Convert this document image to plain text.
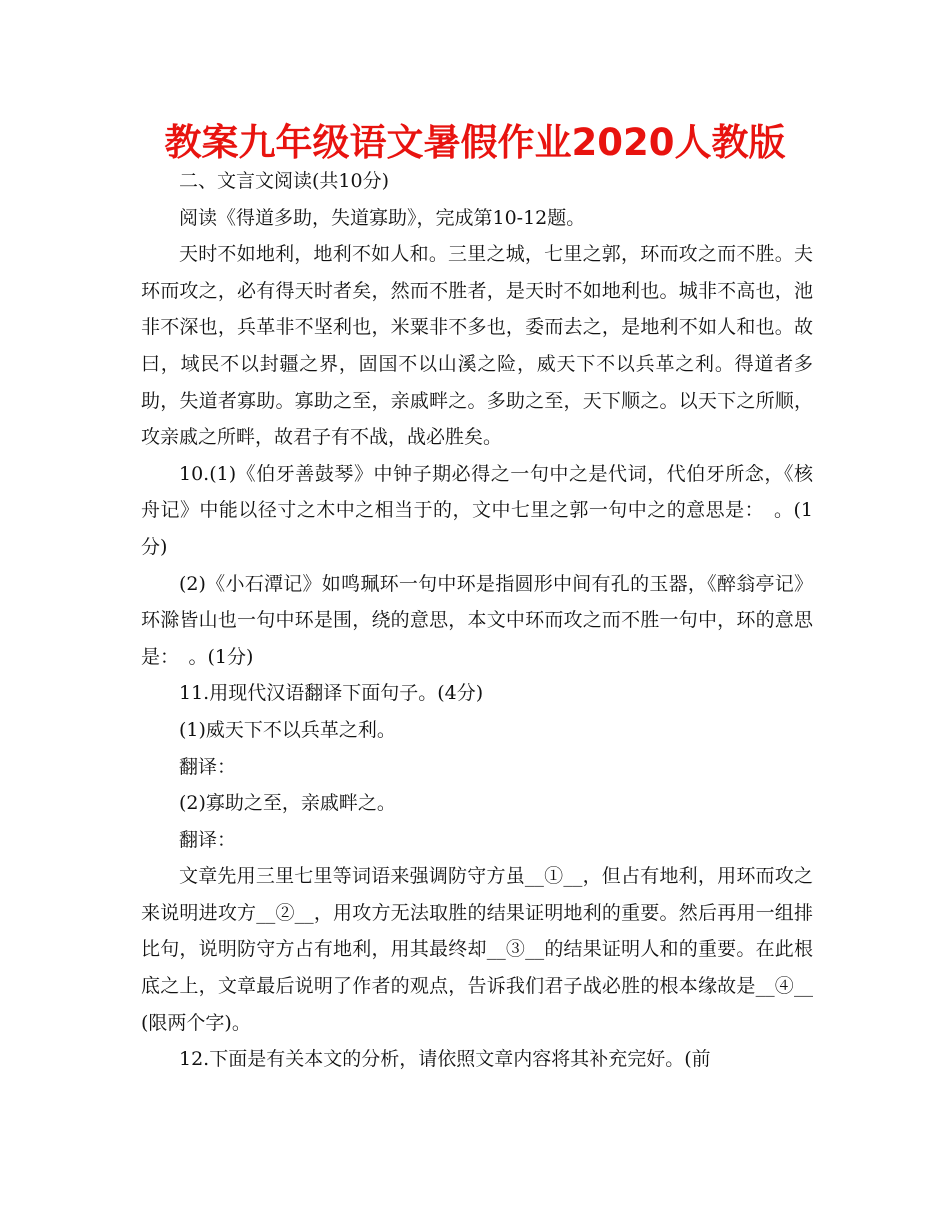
教案九年级语文暑假作业2020人教版

二、文言文阅读(共10分)

阅读《得道多助，失道寡助》，完成第10-12题。

天时不如地利，地利不如人和。三里之城，七里之郭，环而攻之而不胜。夫环而攻之，必有得天时者矣，然而不胜者，是天时不如地利也。城非不高也，池非不深也，兵革非不坚利也，米粟非不多也，委而去之，是地利不如人和也。故曰，域民不以封疆之界，固国不以山溪之险，威天下不以兵革之利。得道者多助，失道者寡助。寡助之至，亲戚畔之。多助之至，天下顺之。以天下之所顺，攻亲戚之所畔，故君子有不战，战必胜矣。

10.(1)《伯牙善鼓琴》中钟子期必得之一句中之是代词，代伯牙所念，《核舟记》中能以径寸之木中之相当于的，文中七里之郭一句中之的意思是：　。(1分)

(2)《小石潭记》如鸣珮环一句中环是指圆形中间有孔的玉器，《醉翁亭记》环滁皆山也一句中环是围，绕的意思，本文中环而攻之而不胜一句中，环的意思是：　。(1分)

11.用现代汉语翻译下面句子。(4分)

(1)威天下不以兵革之利。

翻译：

(2)寡助之至，亲戚畔之。

翻译：

文章先用三里七里等词语来强调防守方虽__①__，但占有地利，用环而攻之来说明进攻方__②__，用攻方无法取胜的结果证明地利的重要。然后再用一组排比句，说明防守方占有地利，用其最终却__③__的结果证明人和的重要。在此根底之上，文章最后说明了作者的观点，告诉我们君子战必胜的根本缘故是__④__(限两个字)。

12.下面是有关本文的分析，请依照文章内容将其补充完好。(前
